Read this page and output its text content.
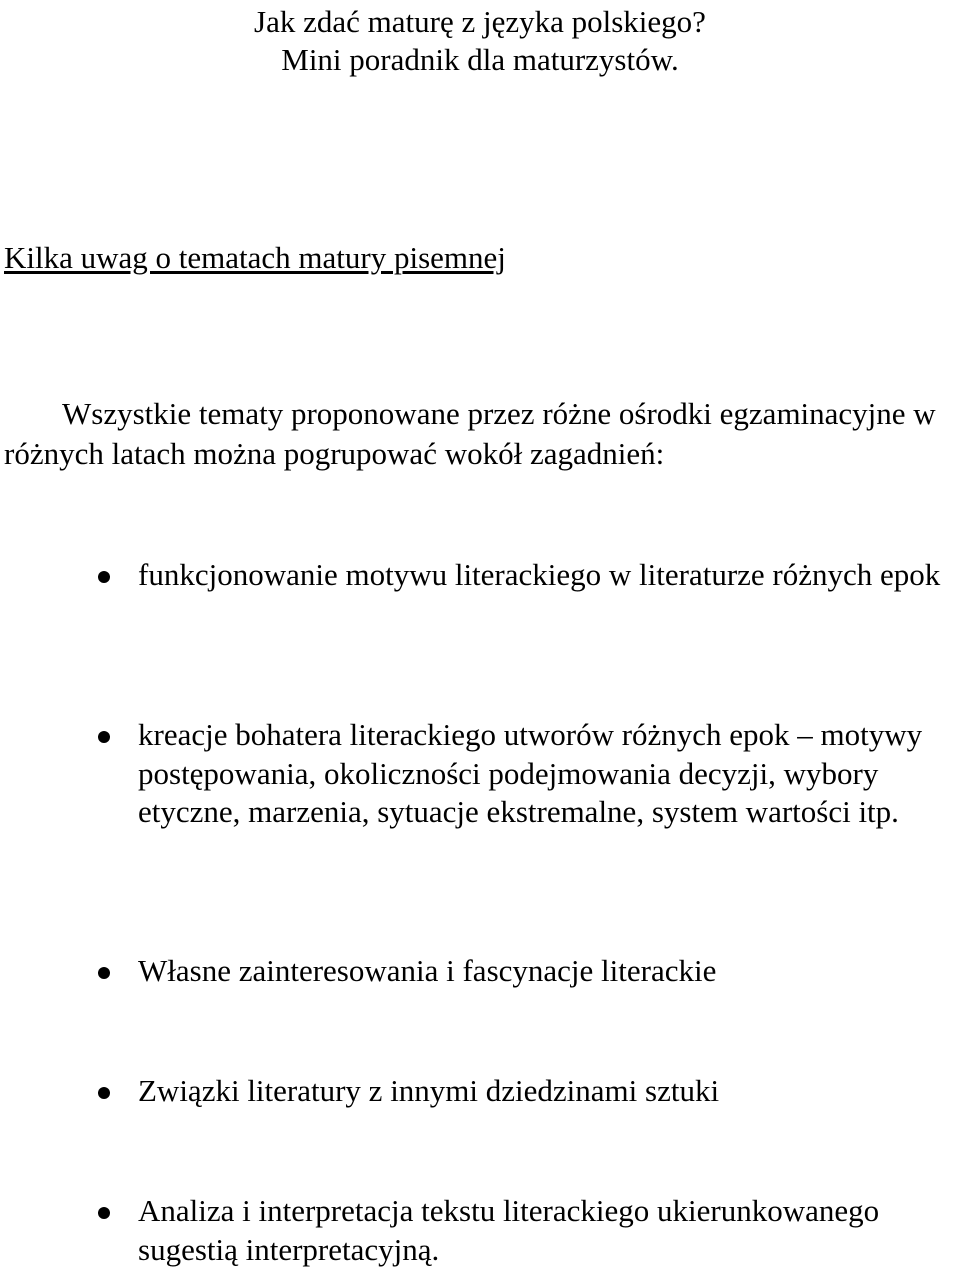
Jak zdać maturę z języka polskiego?
Mini poradnik dla maturzystów.
Kilka uwag o tematach matury pisemnej
Wszystkie tematy proponowane przez różne ośrodki egzaminacyjne w różnych latach można pogrupować wokół zagadnień:
funkcjonowanie motywu literackiego w literaturze różnych epok
kreacje bohatera literackiego utworów różnych epok – motywy postępowania, okoliczności podejmowania decyzji, wybory etyczne, marzenia, sytuacje ekstremalne, system wartości itp.
Własne zainteresowania i fascynacje literackie
Związki literatury z innymi dziedzinami sztuki
Analiza i interpretacja tekstu literackiego ukierunkowanego sugestią interpretacyjną.
